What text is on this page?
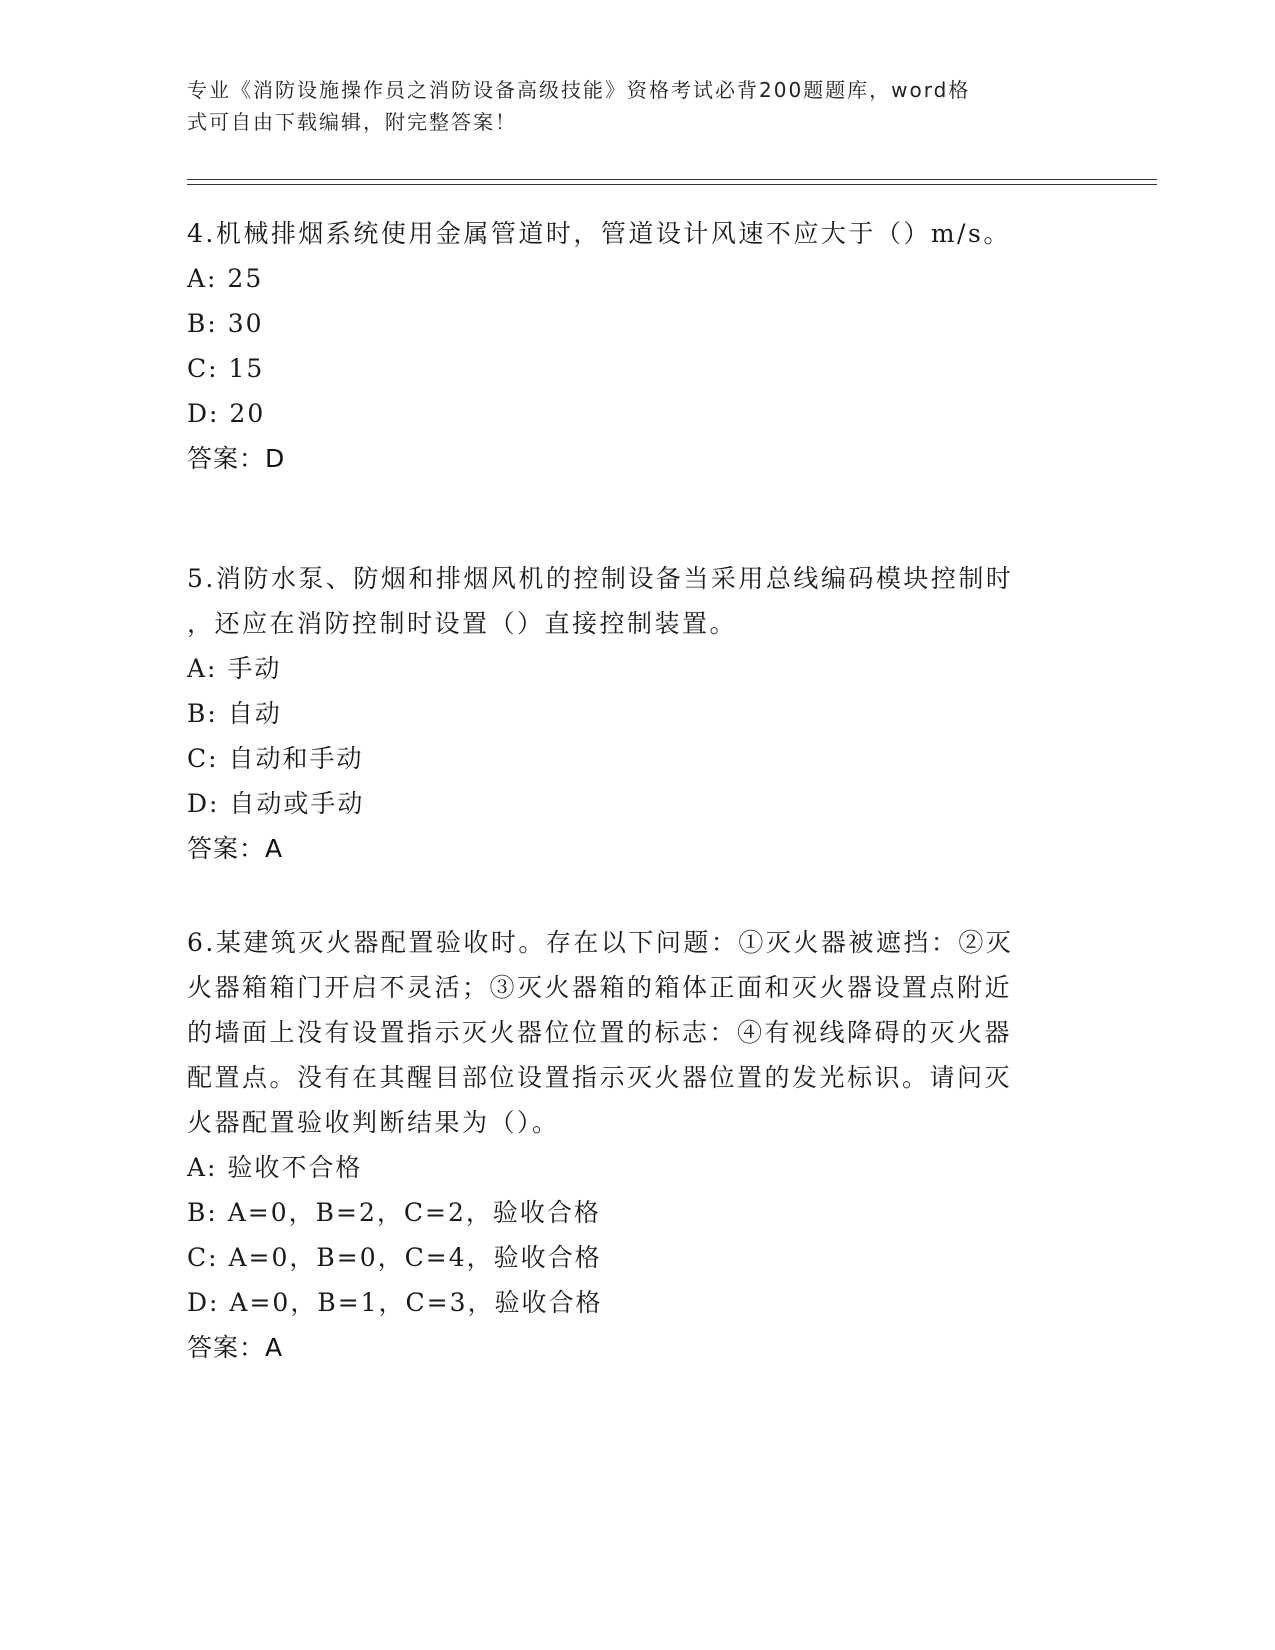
专业《消防设施操作员之消防设备高级技能》资格考试必背200题题库，word格
式可自由下载编辑，附完整答案！

4.机械排烟系统使用金属管道时，管道设计风速不应大于（）m/s。

A: 25

B: 30

C: 15

D: 20

答案：D

5.消防水泵、防烟和排烟风机的控制设备当采用总线编码模块控制时

，还应在消防控制时设置（）直接控制装置。

A: 手动

B: 自动

C: 自动和手动

D: 自动或手动

答案：A

6.某建筑灭火器配置验收时。存在以下问题：①灭火器被遮挡：②灭

火器箱箱门开启不灵活；③灭火器箱的箱体正面和灭火器设置点附近

的墙面上没有设置指示灭火器位位置的标志：④有视线降碍的灭火器

配置点。没有在其醒目部位设置指示灭火器位置的发光标识。请问灭

火器配置验收判断结果为（）。

A: 验收不合格

B: A=0，B=2，C=2，验收合格

C: A=0，B=0，C=4，验收合格

D: A=0，B=1，C=3，验收合格

答案：A
